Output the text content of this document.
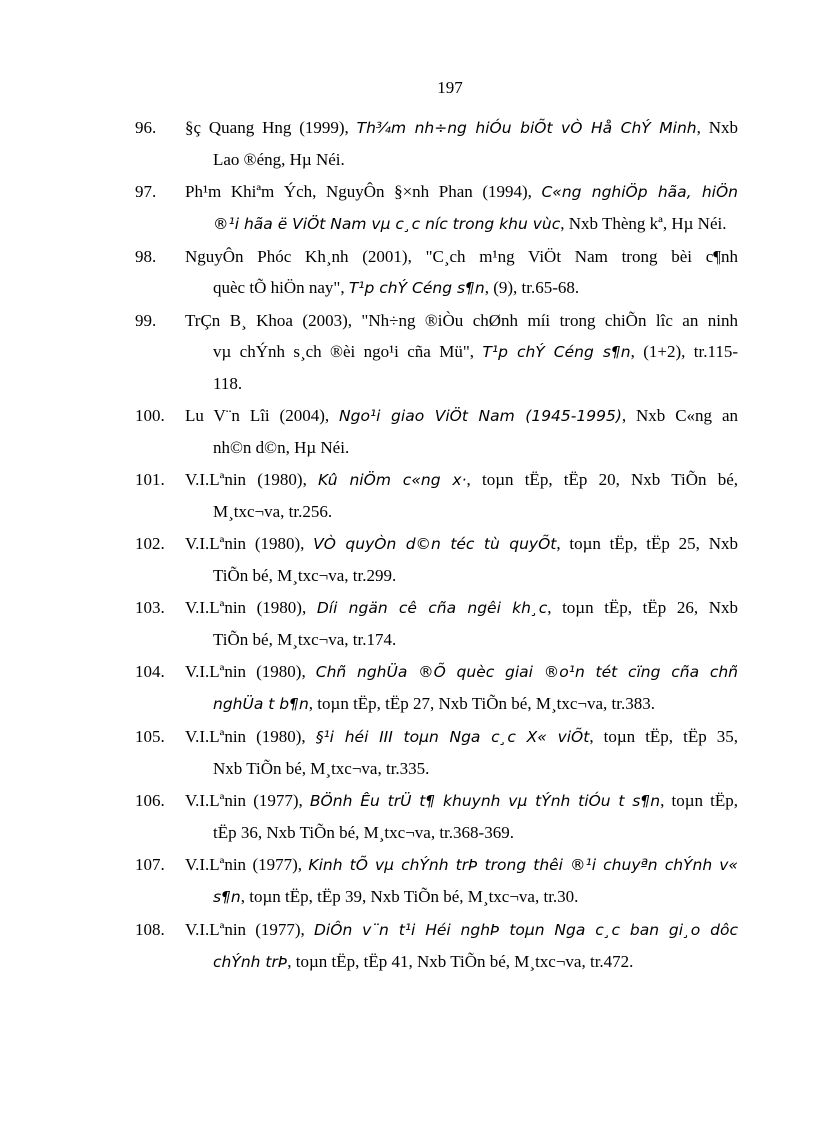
197
96. §ç Quang Hng (1999), Th¾m nh÷ng hiÓu biÕt vÒ Hå ChÝ Minh, Nxb
Lao ®éng, Hµ Néi.
97. Ph¹m Khiªm Ých, NguyÔn §×nh Phan (1994), C«ng nghiÖp hãa, hiÖn
®¹i hãa ë ViÖt Nam vµ c¸c níc trong khu vùc, Nxb Thèng kª, Hµ Néi.
98. NguyÔn Phóc Kh¸nh (2001), "C¸ch m¹ng ViÖt Nam trong bèi c¶nh
quèc tÕ hiÖn nay", T¹p chÝ Céng s¶n, (9), tr.65-68.
99. TrÇn B¸ Khoa (2003), "Nh÷ng ®iÒu chØnh míi trong chiÕn lîc an ninh
vµ chÝnh s¸ch ®èi ngo¹i cña Mü", T¹p chÝ Céng s¶n, (1+2), tr.115-
118.
100. Lu V¨n Lîi (2004), Ngo¹i giao ViÖt Nam (1945-1995), Nxb C«ng an
nh©n d©n, Hµ Néi.
101. V.I.Lªnin (1980), Kû niÖm c«ng x·, toµn tËp, tËp 20, Nxb TiÕn bé,
M¸txc¬va, tr.256.
102. V.I.Lªnin (1980), VÒ quyÒn d©n téc tù quyÕt, toµn tËp, tËp 25, Nxb
TiÕn bé, M¸txc¬va, tr.299.
103. V.I.Lªnin (1980), Díi ngän cê cña ngêi kh¸c, toµn tËp, tËp 26, Nxb
TiÕn bé, M¸txc¬va, tr.174.
104. V.I.Lªnin (1980), Chñ nghÜa ®Õ quèc giai ®o¹n tét cïng cña chñ
nghÜa t b¶n, toµn tËp, tËp 27, Nxb TiÕn bé, M¸txc¬va, tr.383.
105. V.I.Lªnin (1980), §¹i héi III toµn Nga c¸c X« viÕt, toµn tËp, tËp 35,
Nxb TiÕn bé, M¸txc¬va, tr.335.
106. V.I.Lªnin (1977), BÖnh Êu trÜ t¶ khuynh vµ tÝnh tiÓu t s¶n, toµn tËp,
tËp 36, Nxb TiÕn bé, M¸txc¬va, tr.368-369.
107. V.I.Lªnin (1977), Kinh tÕ vµ chÝnh trÞ trong thêi ®¹i chuyªn chÝnh v«
s¶n, toµn tËp, tËp 39, Nxb TiÕn bé, M¸txc¬va, tr.30.
108. V.I.Lªnin (1977), DiÔn v¨n t¹i Héi nghÞ toµn Nga c¸c ban gi¸o dôc
chÝnh trÞ, toµn tËp, tËp 41, Nxb TiÕn bé, M¸txc¬va, tr.472.
